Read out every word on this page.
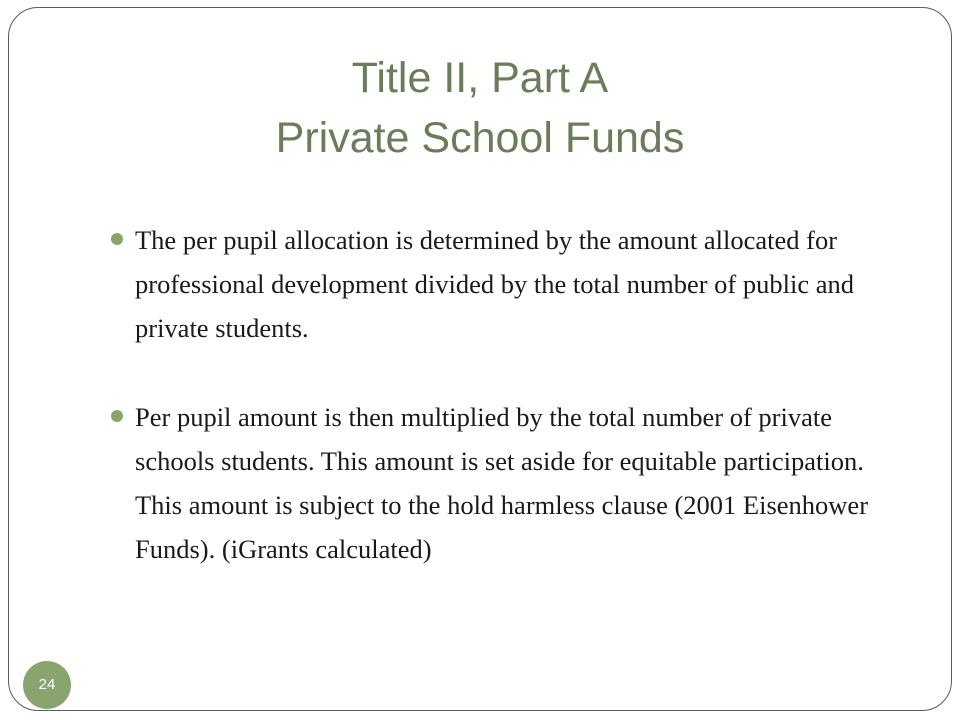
Title II, Part A
Private School Funds
The per pupil allocation is determined by the amount allocated for professional development divided by the total number of public and private students.
Per pupil amount is then multiplied by the total number of private schools students. This amount is set aside for equitable participation. This amount is subject to the hold harmless clause (2001 Eisenhower Funds). (iGrants calculated)
24
